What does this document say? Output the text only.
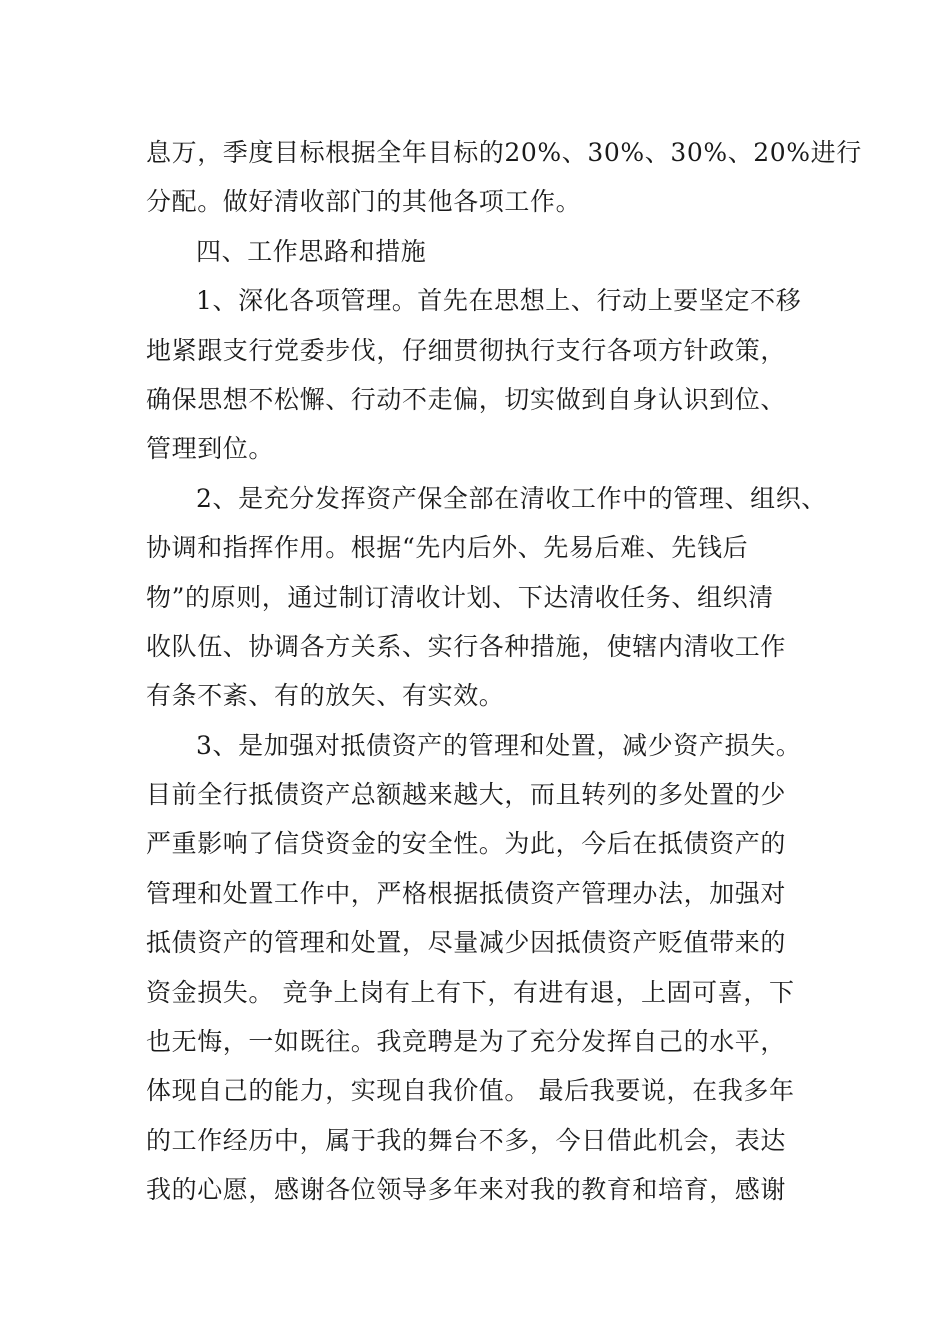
息万，季度目标根据全年目标的20%、30%、30%、20%进行
分配。做好清收部门的其他各项工作。
四、工作思路和措施
1、深化各项管理。首先在思想上、行动上要坚定不移
地紧跟支行党委步伐，仔细贯彻执行支行各项方针政策，
确保思想不松懈、行动不走偏，切实做到自身认识到位、
管理到位。
2、是充分发挥资产保全部在清收工作中的管理、组织、
协调和指挥作用。根据“先内后外、先易后难、先钱后
物”的原则，通过制订清收计划、下达清收任务、组织清
收队伍、协调各方关系、实行各种措施，使辖内清收工作
有条不紊、有的放矢、有实效。
3、是加强对抵债资产的管理和处置，减少资产损失。
目前全行抵债资产总额越来越大，而且转列的多处置的少
严重影响了信贷资金的安全性。为此，今后在抵债资产的
管理和处置工作中，严格根据抵债资产管理办法，加强对
抵债资产的管理和处置，尽量减少因抵债资产贬值带来的
资金损失。 竞争上岗有上有下，有进有退，上固可喜，下
也无悔，一如既往。我竞聘是为了充分发挥自己的水平，
体现自己的能力，实现自我价值。 最后我要说，在我多年
的工作经历中，属于我的舞台不多，今日借此机会，表达
我的心愿，感谢各位领导多年来对我的教育和培育，感谢
